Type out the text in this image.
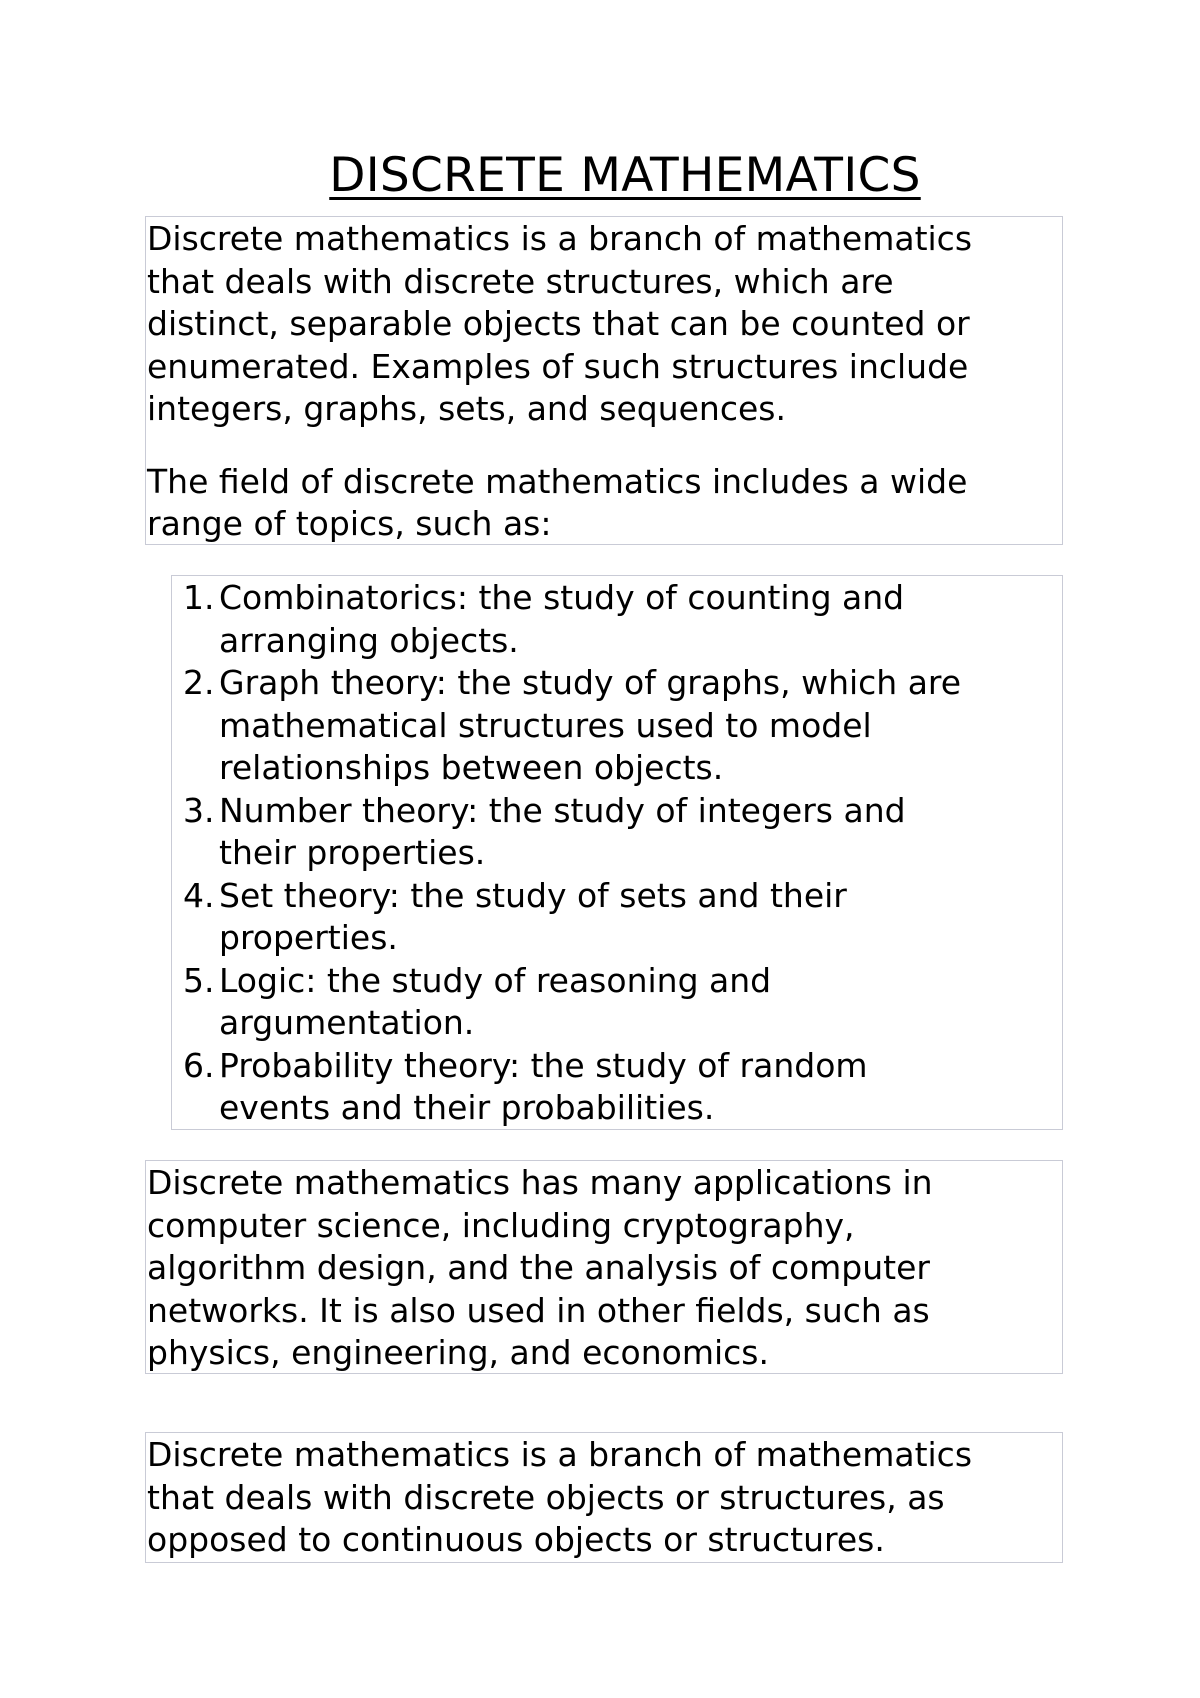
DISCRETE MATHEMATICS

Discrete mathematics is a branch of mathematics
that deals with discrete structures, which are
distinct, separable objects that can be counted or
enumerated. Examples of such structures include
integers, graphs, sets, and sequences.

The field of discrete mathematics includes a wide
range of topics, such as:

1. Combinatorics: the study of counting and
arranging objects.
2. Graph theory: the study of graphs, which are
mathematical structures used to model
relationships between objects.
3. Number theory: the study of integers and
their properties.
4. Set theory: the study of sets and their
properties.
5. Logic: the study of reasoning and
argumentation.
6. Probability theory: the study of random
events and their probabilities.

Discrete mathematics has many applications in
computer science, including cryptography,
algorithm design, and the analysis of computer
networks. It is also used in other fields, such as
physics, engineering, and economics.

Discrete mathematics is a branch of mathematics
that deals with discrete objects or structures, as
opposed to continuous objects or structures.
